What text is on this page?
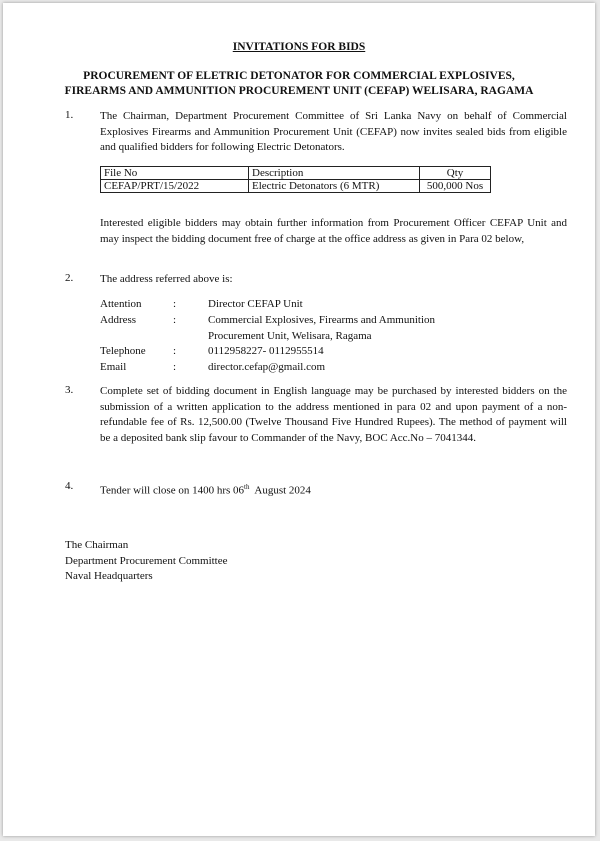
INVITATIONS FOR BIDS
PROCUREMENT OF ELETRIC DETONATOR FOR COMMERCIAL EXPLOSIVES,
FIREARMS AND AMMUNITION PROCUREMENT UNIT (CEFAP) WELISARA, RAGAMA
1. The Chairman, Department Procurement Committee of Sri Lanka Navy on behalf of Commercial Explosives Firearms and Ammunition Procurement Unit (CEFAP) now invites sealed bids from eligible and qualified bidders for following Electric Detonators.
File No	Description	Qty
CEFAP/PRT/15/2022	Electric Detonators (6 MTR)	500,000 Nos
Interested eligible bidders may obtain further information from Procurement Officer CEFAP Unit and may inspect the bidding document free of charge at the office address as given in Para 02 below,
2. The address referred above is:
Attention	:	Director CEFAP Unit
Address	:	Commercial Explosives, Firearms and Ammunition
Procurement Unit, Welisara, Ragama
Telephone :	0112958227- 0112955514
Email	:	director.cefap@gmail.com
3. Complete set of bidding document in English language may be purchased by interested bidders on the submission of a written application to the address mentioned in para 02 and upon payment of a non-refundable fee of Rs. 12,500.00 (Twelve Thousand Five Hundred Rupees). The method of payment will be a deposited bank slip favour to Commander of the Navy, BOC Acc.No – 7041344.
4. Tender will close on 1400 hrs 06th  August 2024
The Chairman
Department Procurement Committee
Naval Headquarters
